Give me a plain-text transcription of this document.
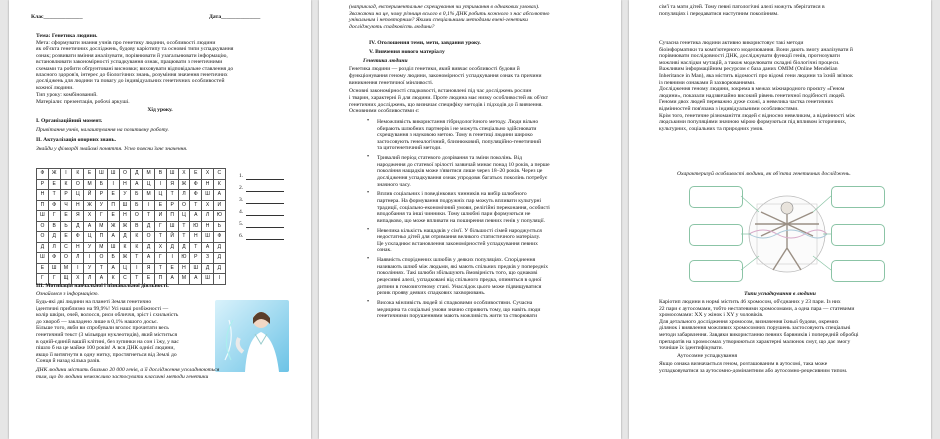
Клас______________	Дата______________
Тема: Генетика людини.
Мета: сформувати знання учнів про генетику людини, особливості людини
як об'єкта генетичних досліджень, будову каріотипу та основні типи успадкування
ознак; розвивати вміння аналізувати, порівнювати й узагальнювати інформацію,
встановлювати закономірності успадкування ознак, працювати з генетичними
схемами та робити обґрунтовані висновки; виховувати відповідальне ставлення до
власного здоров'я, інтерес до біологічних знань, розуміння значення генетичних
досліджень для людини та повагу до індивідуальних генетичних особливостей
кожної людини.
Тип уроку: комбінований.
Матеріали: презентація, робочі аркуші.
Хід уроку.
I. Організаційний момент.
Привітання учнів, налаштування на позитивну роботу.
II. Актуалізація опорних знань.
Знайди у філворді знайомі поняття. Усно поясни їхнє значення.
Ф	Ж	І	К	Е	Ш	Ш	О	Д	М	В	Ш	Х	Е	Х	С
Р	Е	К	О	М	Б	І	Н	А	Ц	І	Я	Ж	Ф	Н	К
Н	Т	Р	Ц	Й	Р	Е	У	Б	М	Ц	Т	Л	Ф	Ш	А
П	Ф	Ч	Н	Ж	У	П	Ш	Б	І	Е	Р	О	Т	Х	И
Ш	Г	Е	Я	Х	Г	Е	Н	О	Т	И	П	Ц	А	Л	Ю
О	В	Ь	Д	А	М	Ж	Ж	В	Д	Г	Ш	Т	Ю	Н	Ь
О	Д	Е	Ф	Ц	П	А	Д	К	О	Т	Й	Т	Н	Ш	Ф
Д	Л	С	Н	У	М	Ш	К	К	Д	Х	Д	Д	Т	А	Д
Ш	Ф	О	Л	І	О	Б	Ж	Т	А	Г	І	Ю	Р	З	Д
Е	Ш	М	І	У	Т	А	Ц	І	Я	Т	Е	Н	Ш	Д	Д
Г	Г	Щ	Х	Л	А	К	С	Т	Е	П	А	М	А	Ш	І
1.
2.
3.
4.
5.
6.
III. Мотивація навчальної і пізнавальної діяльності.
Ознайомся з інформацією.
Будь-які дві людини на планеті Земля генетично
ідентичні приблизно на 99,9%! Усі наші розбіжності —
колір шкіри, очей, волосся, риси обличчя, зріст і схильність
до хвороб — закладено лише в 0,1% нашого досьє.
Більше того, якби ви спробували вголос прочитати весь
генетичний текст (3 мільярди нуклеотидів), який міститься
в одній-єдиній вашій клітині, без зупинки на сон і їжу, у вас
пішло б на це майже 100 років! А вся ДНК однієї людини,
якщо її витягнути в одну нитку, простягнеться від Землі до
Сонця й назад кілька разів.
ДНК людини містить близько 20 000 генів, а її дослідження ускладнюються
тим, що до людини неможливо застосувати класичні методи генетики
(наприклад, експериментальне схрещування чи утримання в однакових умовах).
Зважаючи на це, чому різниця всього в 0,1% ДНК робить кожного з нас абсолютно
унікальним і неповторним? Якими спеціальними методами вчені-генетики
досліджують спадковість людини?
IV. Оголошення теми, мети, завдання уроку.
V. Вивчення нового матеріалу
Генетика людини
Генетика людини — розділ генетики, який вивчає особливості будови й
функціонування геному людини, закономірності успадкування ознак та причини
виникнення генетичної мінливості.
Основні закономірності спадковості, встановлені під час досліджень рослин
і тварин, характерні й для людини. Проте людина має низку особливостей як об'єкт
генетичних досліджень, що визначає специфіку методів і підходів до її вивчення.
Основними особливостями є:
• Неможливість використання гібридологічного методу. Люди вільно
обирають шлюбних партнерів і не можуть спеціально здійснювати
схрещування з науковою метою. Тому в генетиці людини широко
застосовують генеалогічний, близнюковий, популяційно-генетичний
та цитогенетичний методи.
• Тривалий період статевого дозрівання та зміни поколінь. Від
народження до статевої зрілості зазвичай минає понад 10 років, а перше
покоління нащадків може з'явитися лише через 18–20 років. Через це
дослідження успадкування ознак упродовж багатьох поколінь потребує
значного часу.
• Вплив соціальних і поведінкових чинників на вибір шлюбного
партнера. На формування подружніх пар можуть впливати культурні
традиції, соціально-економічний умови, релігійні переконання, особисті
вподобання та інші чинники. Тому шлюбні пари формуються не
випадково, що може впливати на поширення певних генів у популяції.
• Невелика кількість нащадків у сім'ї. У більшості сімей народжується
недостатньо дітей для отримання великого статистичного матеріалу.
Це ускладнює встановлення закономірностей успадкування певних
ознак.
• Наявність споріднених шлюбів у деяких популяціях. Споріднення
називають шлюб між людьми, які мають спільних предків у попередніх
поколіннях. Такі шлюби збільшують ймовірність того, що однакові
рецесивні алелі, успадковані від спільного предка, опиняться в одної
дитини в гомозиготному стані. Унаслідок цього може підвищуватися
ризик прояву деяких спадкових захворювань.
• Висока мінливість людей зі спадковими особливостями. Сучасна
медицина та соціальні умови значно сприяють тому, що навіть люди
генетичними порушеннями мають можливість жити та створювати
сім'ї та мати дітей. Тому певні патологічні алелі можуть зберігатися в
популяціях і передаватися наступним поколінням.
Сучасна генетика людини активно використовує такі методи
біоінформатики та комп'ютерного моделювання. Вони дають змогу аналізувати й
порівнювати послідовності ДНК, досліджувати функції генів, прогнозувати
можливі наслідки мутацій, а також моделювати складні біологічні процеси.
Важливим інформаційним ресурсом є база даних OMIM (Online Mendelian
Inheritance in Man), яка містить відомості про відомі гени людини та їхній зв'язок
із певними ознаками й захворюваннями.
Дослідження геному людини, зокрема в межах міжнародного проєкту «Геном
людини», показали надзвичайно високий рівень генетичної подібності людей.
Геноми двох людей переважно дуже схожі, а невелика частка генетичних
відмінностей пов'язана з індивідуальними особливостями.
Крім того, генетичне різноманіття людей є відносно невеликим, а відмінності між
людськими популяціями значною мірою формуються під впливом історичних,
культурних, соціальних та природних умов.
Охарактеризуй особливості людини, як об'єкта генетичних досліджень.
Типи успадкування в людини
Каріотип людини в нормі містить 46 хромосом, об'єднаних у 23 пари. Із них
22 пари є аутосомами, тобто нестатевими хромосомами, а одна пара — статевими
хромосомами: XX у жінок і XY у чоловіків.
Для детального дослідження хромосом, визначення їхньої будови, окремих
ділянок і виявлення можливих хромосомних порушень застосовують спеціальні
методи забарвлення. Завдяки використанню певних барвників і попередній обробці
препаратів на хромосомах утворюються характерні малюнок смуг, що дає змогу
точніше їх ідентифікувати.
Аутосомне успадкування
Якщо ознака визначається геном, розташованим в аутосомі, така може
успадковуватися за аутосомно-домінантним або аутосомно-рецесивним типом.
